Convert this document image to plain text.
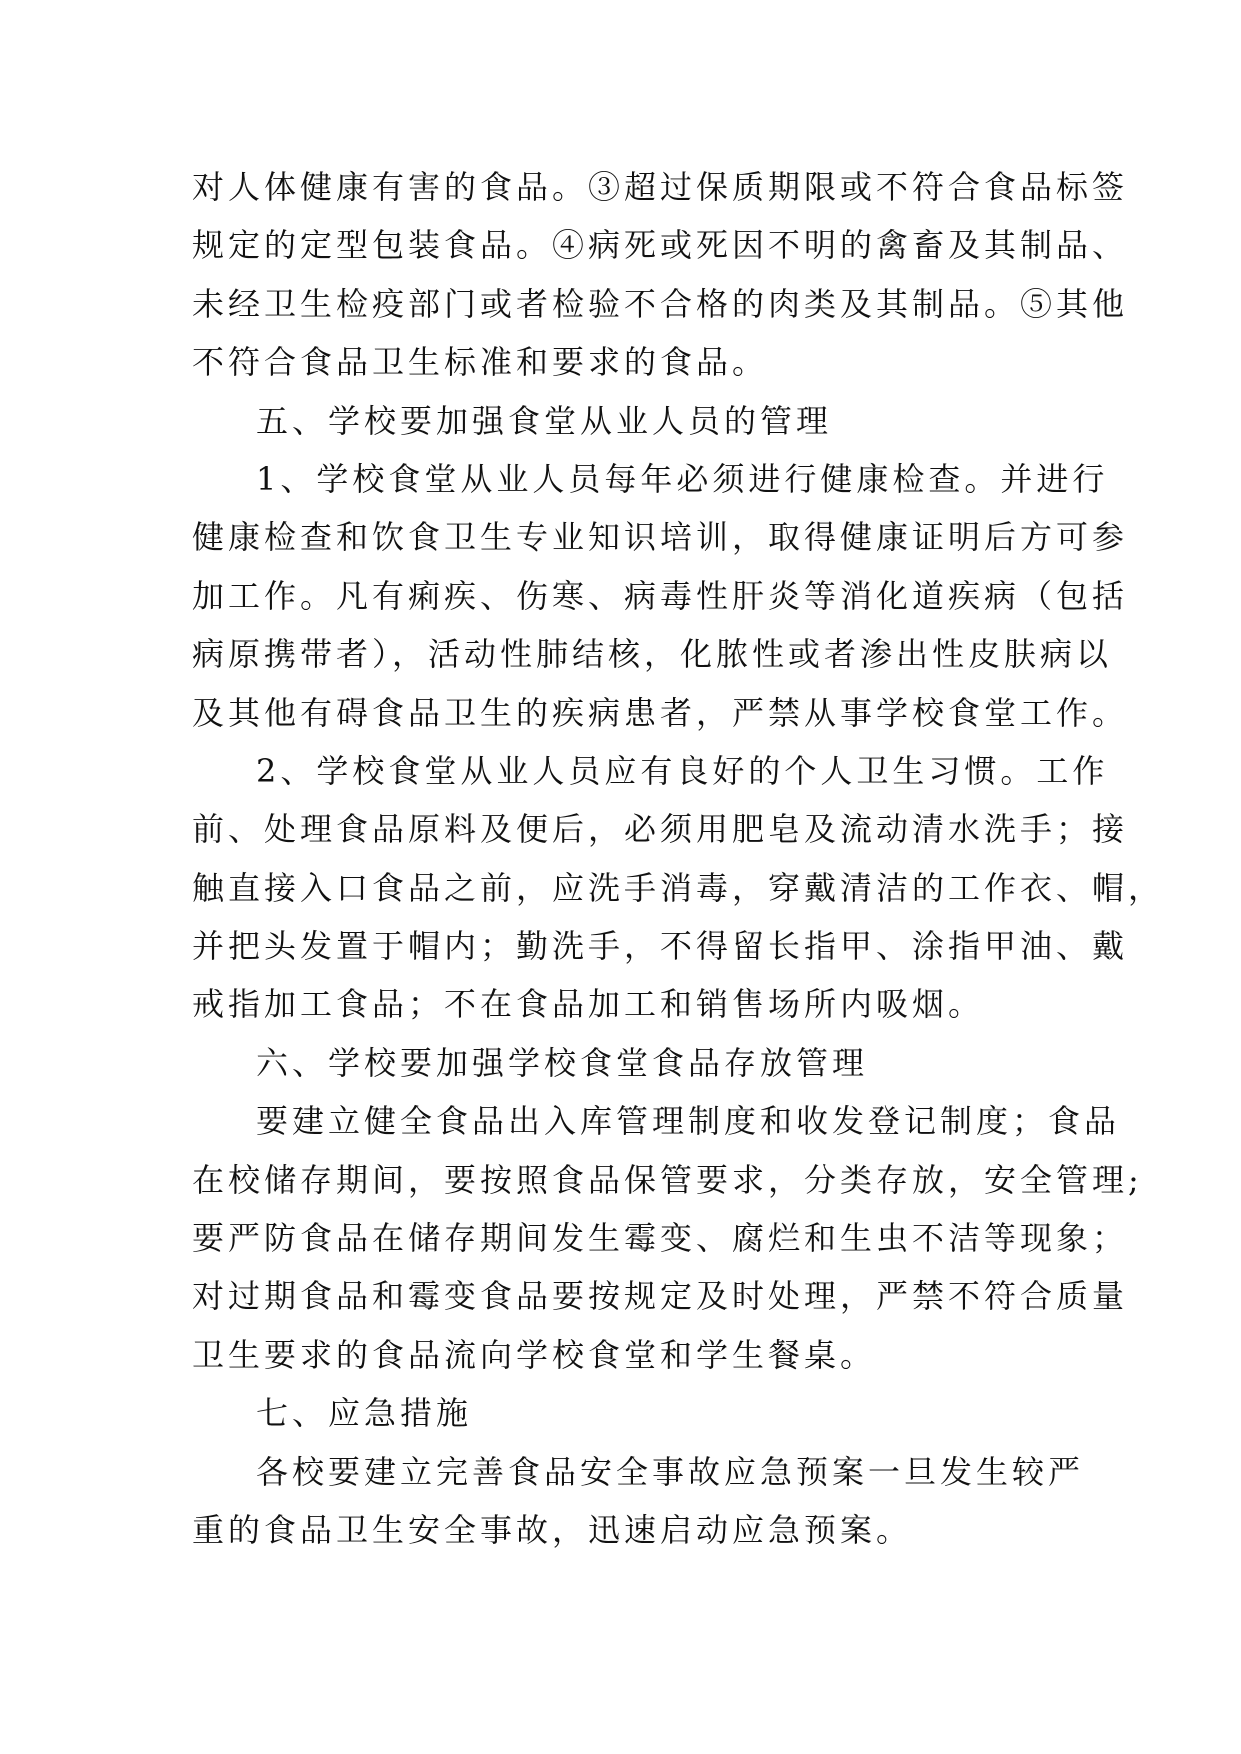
对人体健康有害的食品。③超过保质期限或不符合食品标签
规定的定型包装食品。④病死或死因不明的禽畜及其制品、
未经卫生检疫部门或者检验不合格的肉类及其制品。⑤其他
不符合食品卫生标准和要求的食品。
五、学校要加强食堂从业人员的管理
1、学校食堂从业人员每年必须进行健康检查。并进行
健康检查和饮食卫生专业知识培训，取得健康证明后方可参
加工作。凡有痢疾、伤寒、病毒性肝炎等消化道疾病（包括
病原携带者），活动性肺结核，化脓性或者渗出性皮肤病以
及其他有碍食品卫生的疾病患者，严禁从事学校食堂工作。
2、学校食堂从业人员应有良好的个人卫生习惯。工作
前、处理食品原料及便后，必须用肥皂及流动清水洗手；接
触直接入口食品之前，应洗手消毒，穿戴清洁的工作衣、帽，
并把头发置于帽内；勤洗手，不得留长指甲、涂指甲油、戴
戒指加工食品；不在食品加工和销售场所内吸烟。
六、学校要加强学校食堂食品存放管理
要建立健全食品出入库管理制度和收发登记制度；食品
在校储存期间，要按照食品保管要求，分类存放，安全管理;
要严防食品在储存期间发生霉变、腐烂和生虫不洁等现象；
对过期食品和霉变食品要按规定及时处理，严禁不符合质量
卫生要求的食品流向学校食堂和学生餐桌。
七、应急措施
各校要建立完善食品安全事故应急预案一旦发生较严
重的食品卫生安全事故，迅速启动应急预案。
